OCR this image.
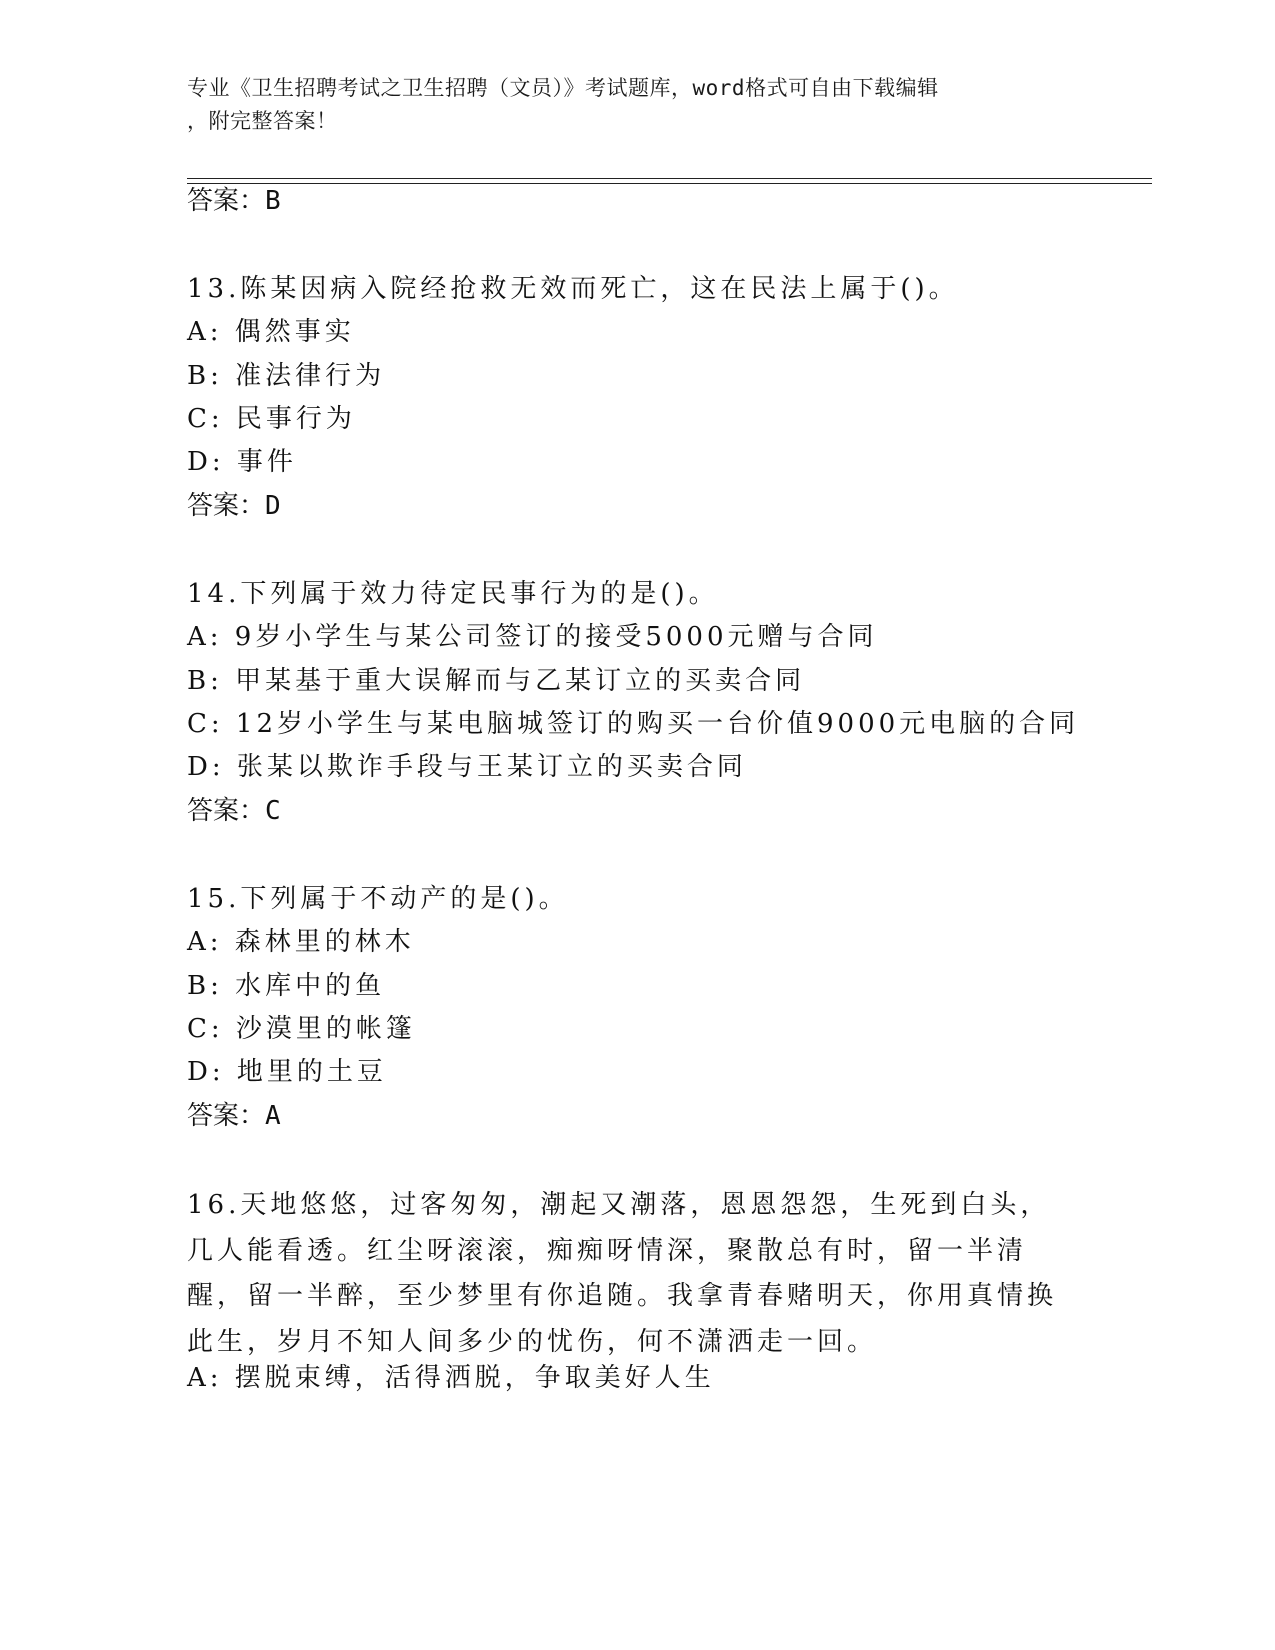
专业《卫生招聘考试之卫生招聘（文员）》考试题库，word格式可自由下载编辑
，附完整答案！
答案：B
13.陈某因病入院经抢救无效而死亡，这在民法上属于()。
A: 偶然事实
B: 准法律行为
C: 民事行为
D: 事件
答案：D
14.下列属于效力待定民事行为的是()。
A: 9岁小学生与某公司签订的接受5000元赠与合同
B: 甲某基于重大误解而与乙某订立的买卖合同
C: 12岁小学生与某电脑城签订的购买一台价值9000元电脑的合同
D: 张某以欺诈手段与王某订立的买卖合同
答案：C
15.下列属于不动产的是()。
A: 森林里的林木
B: 水库中的鱼
C: 沙漠里的帐篷
D: 地里的土豆
答案：A
16.天地悠悠，过客匆匆，潮起又潮落，恩恩怨怨，生死到白头，几人能看透。红尘呀滚滚，痴痴呀情深，聚散总有时，留一半清醒，留一半醉，至少梦里有你追随。我拿青春赌明天，你用真情换此生，岁月不知人间多少的忧伤，何不潇洒走一回。
A: 摆脱束缚，活得洒脱，争取美好人生
